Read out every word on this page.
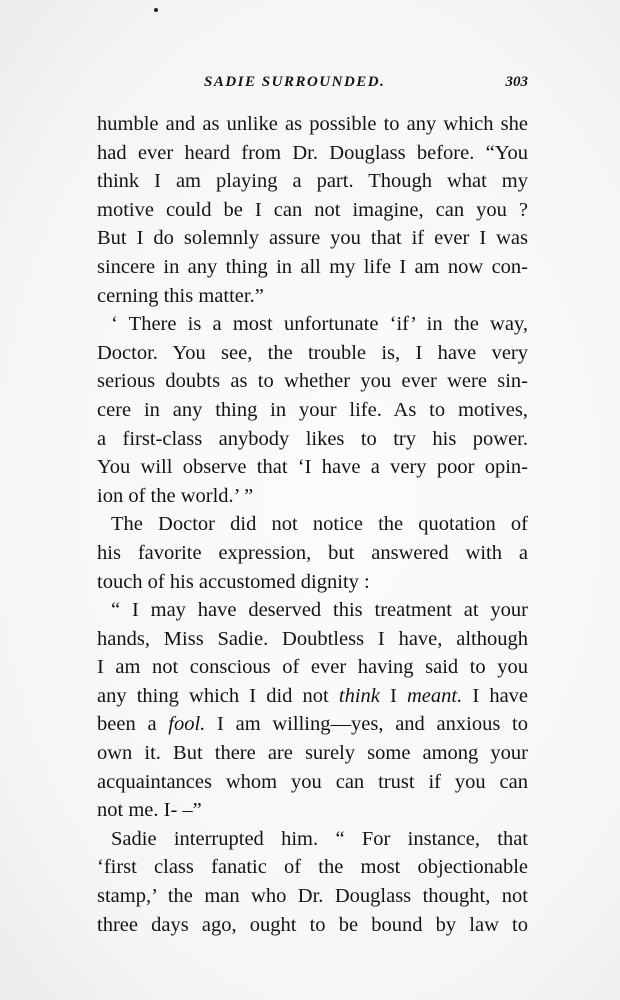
SADIE SURROUNDED.	303
humble and as unlike as possible to any which she
had ever heard from Dr. Douglass before. “You
think I am playing a part. Though what my
motive could be I can not imagine, can you ?
But I do solemnly assure you that if ever I was
sincere in any thing in all my life I am now con-
cerning this matter.”
‘ There is a most unfortunate ‘if’ in the way,
Doctor. You see, the trouble is, I have very
serious doubts as to whether you ever were sin-
cere in any thing in your life. As to motives,
a first-class anybody likes to try his power.
You will observe that ‘I have a very poor opin-
ion of the world.’ ”
The Doctor did not notice the quotation of
his favorite expression, but answered with a
touch of his accustomed dignity :
“ I may have deserved this treatment at your
hands, Miss Sadie. Doubtless I have, although
I am not conscious of ever having said to you
any thing which I did not think I meant. I have
been a fool. I am willing—yes, and anxious to
own it. But there are surely some among your
acquaintances whom you can trust if you can
not me. I- –”
Sadie interrupted him. “ For instance, that
‘first class fanatic of the most objectionable
stamp,’ the man who Dr. Douglass thought, not
three days ago, ought to be bound by law to
